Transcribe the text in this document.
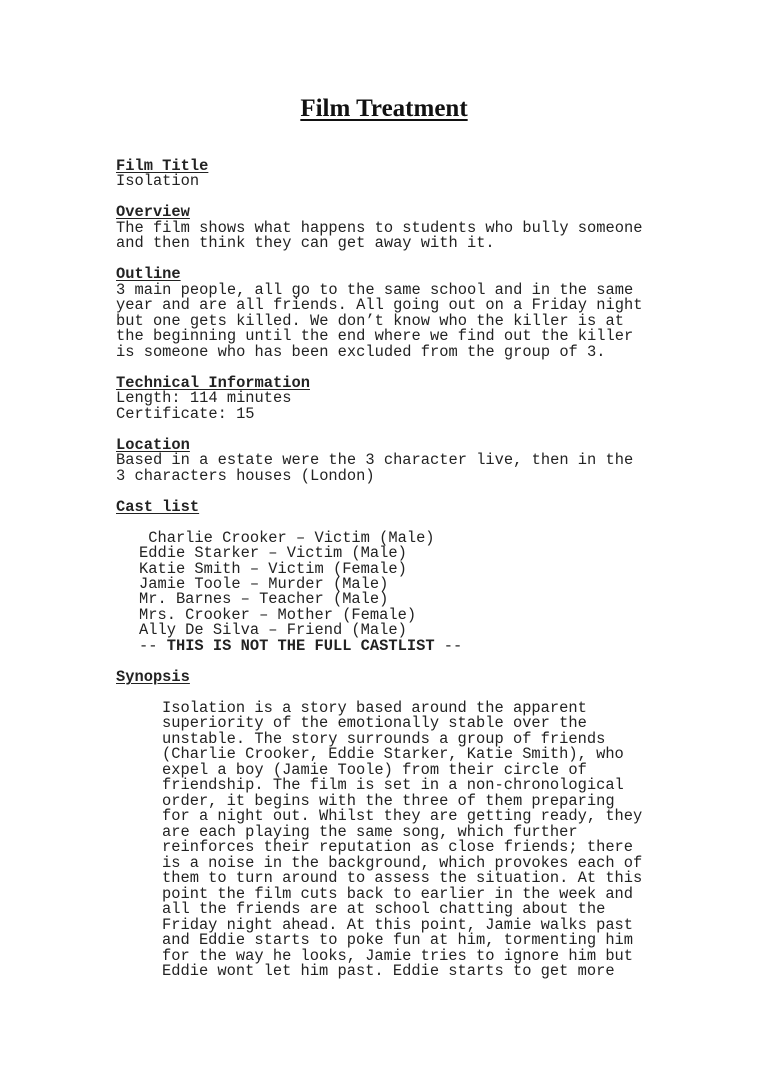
Film Treatment
Film Title
Isolation
Overview
The film shows what happens to students who bully someone
and then think they can get away with it.
Outline
3 main people, all go to the same school and in the same
year and are all friends. All going out on a Friday night
but one gets killed. We don’t know who the killer is at
the beginning until the end where we find out the killer
is someone who has been excluded from the group of 3.
Technical Information
Length: 114 minutes
Certificate: 15
Location
Based in a estate were the 3 character live, then in the
3 characters houses (London)
Cast list
Charlie Crooker – Victim (Male)
Eddie Starker – Victim (Male)
Katie Smith – Victim (Female)
Jamie Toole – Murder (Male)
Mr. Barnes – Teacher (Male)
Mrs. Crooker – Mother (Female)
Ally De Silva – Friend (Male)
-- THIS IS NOT THE FULL CASTLIST --
Synopsis
Isolation is a story based around the apparent
superiority of the emotionally stable over the
unstable. The story surrounds a group of friends
(Charlie Crooker, Eddie Starker, Katie Smith), who
expel a boy (Jamie Toole) from their circle of
friendship. The film is set in a non-chronological
order, it begins with the three of them preparing
for a night out. Whilst they are getting ready, they
are each playing the same song, which further
reinforces their reputation as close friends; there
is a noise in the background, which provokes each of
them to turn around to assess the situation. At this
point the film cuts back to earlier in the week and
all the friends are at school chatting about the
Friday night ahead. At this point, Jamie walks past
and Eddie starts to poke fun at him, tormenting him
for the way he looks, Jamie tries to ignore him but
Eddie wont let him past. Eddie starts to get more
